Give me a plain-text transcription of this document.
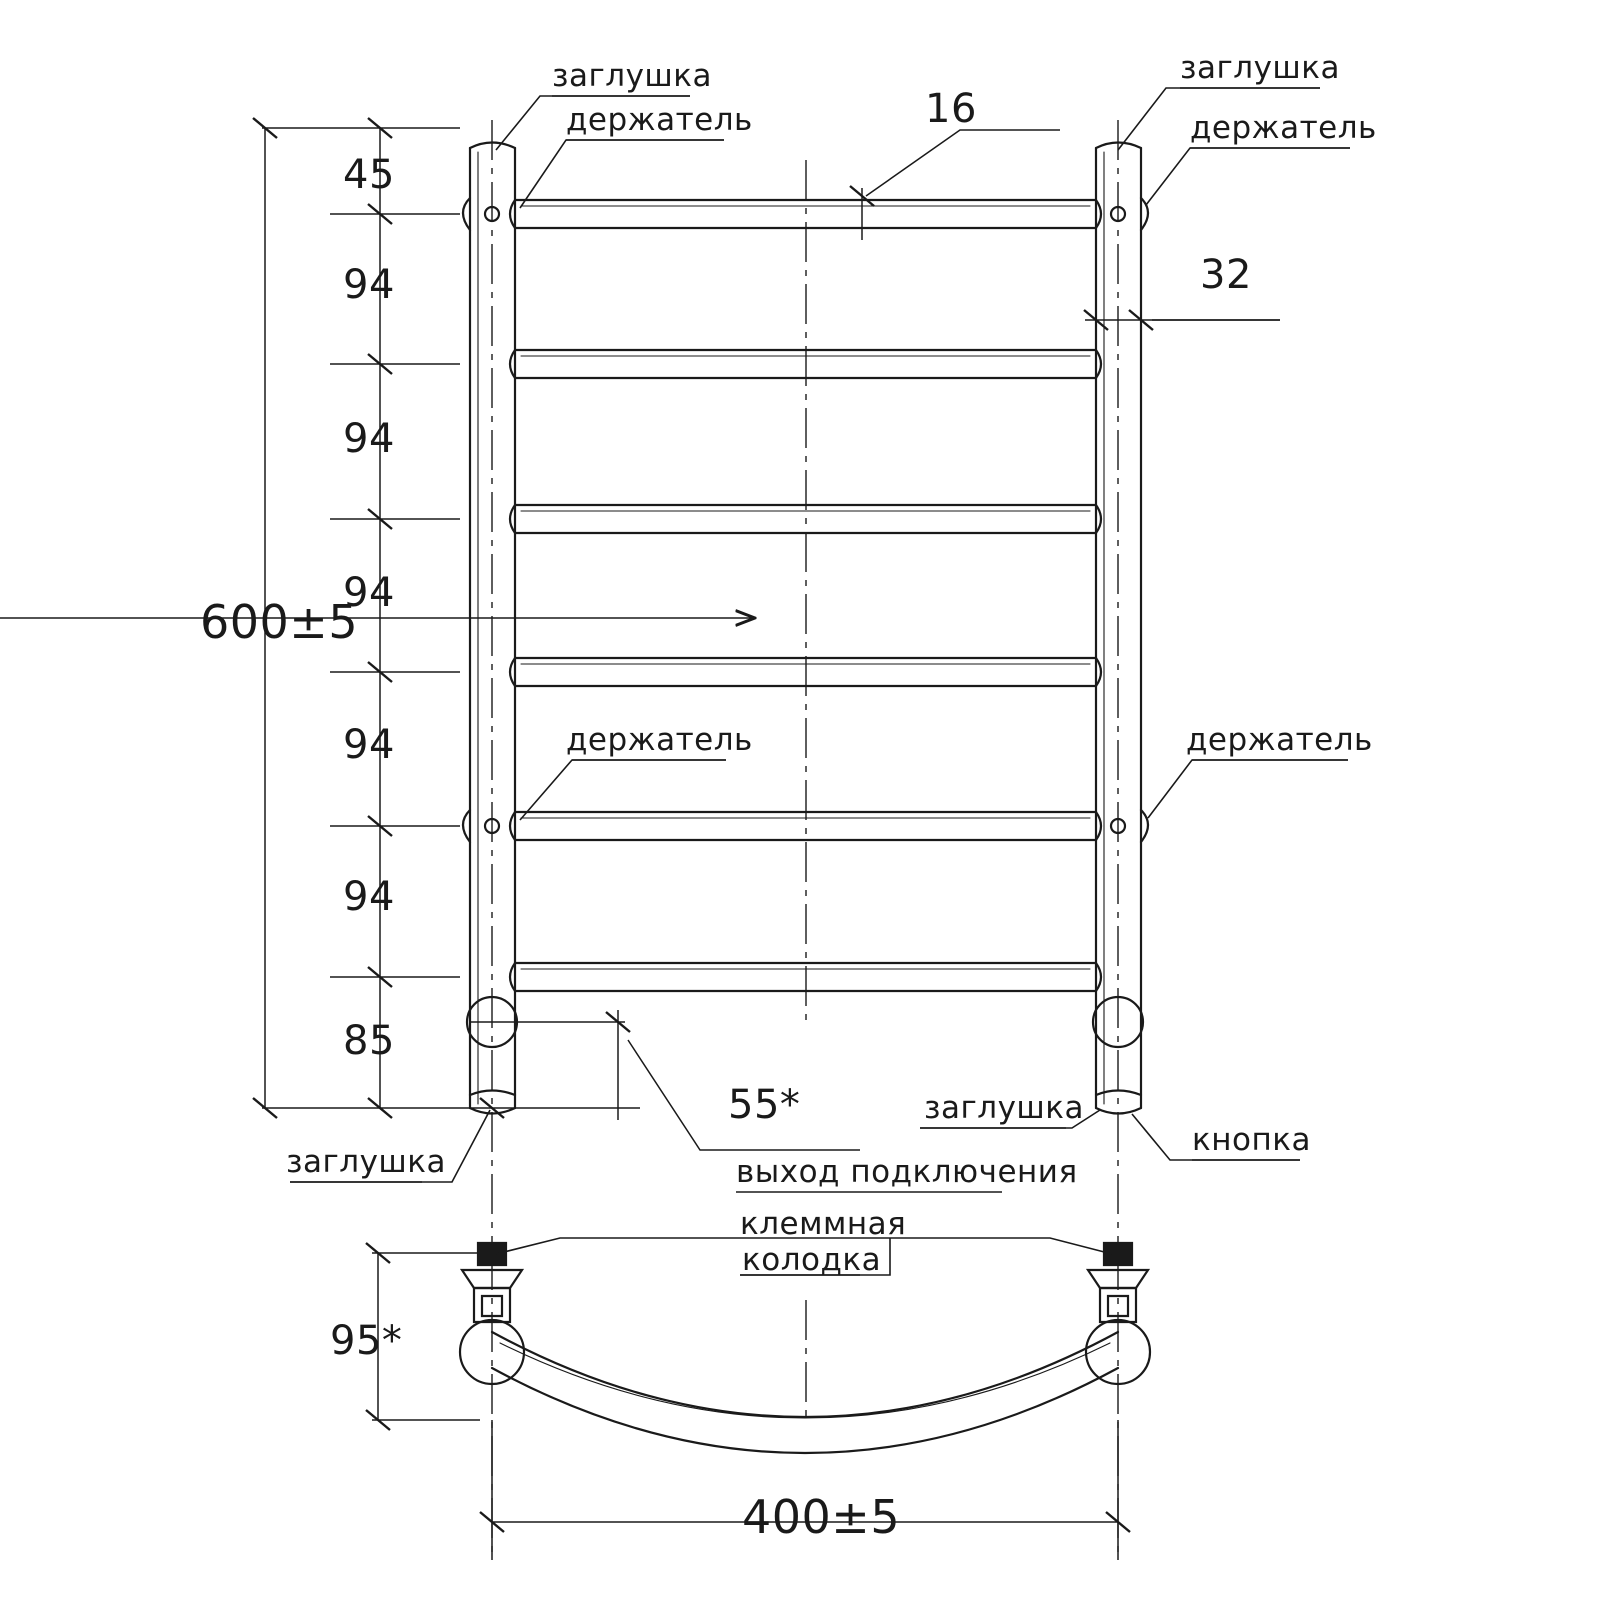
600±5
45
94
94
94
94
94
85
16
32
55*
95*
400±5
заглушка
держатель
заглушка
держатель
держатель	держатель
заглушка
заглушка
кнопка
выход подключения
клеммная
колодка
